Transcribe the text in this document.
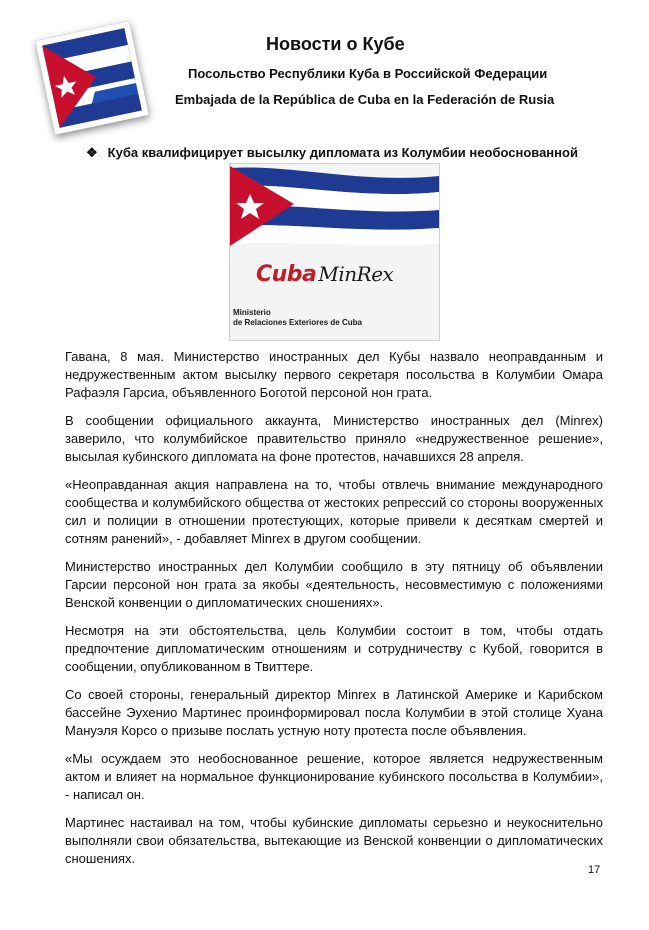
Новости о Кубе
Посольство Республики Куба в Российской Федерации
Embajada de la República de Cuba en la Federación de Rusia
❖ Куба квалифицирует высылку дипломата из Колумбии необоснованной
Cuba MinRex
Ministerio
de Relaciones Exteriores de Cuba

Гавана, 8 мая. Министерство иностранных дел Кубы назвало неоправданным и недружественным актом высылку первого секретаря посольства в Колумбии Омара Рафаэля Гарсиа, объявленного Боготой персоной нон грата.

В сообщении официального аккаунта, Министерство иностранных дел (Minrex) заверило, что колумбийское правительство приняло «недружественное решение», высылая кубинского дипломата на фоне протестов, начавшихся 28 апреля.

«Неоправданная акция направлена на то, чтобы отвлечь внимание международного сообщества и колумбийского общества от жестоких репрессий со стороны вооруженных сил и полиции в отношении протестующих, которые привели к десяткам смертей и сотням ранений», - добавляет Minrex в другом сообщении.

Министерство иностранных дел Колумбии сообщило в эту пятницу об объявлении Гарсии персоной нон грата за якобы «деятельность, несовместимую с положениями Венской конвенции о дипломатических сношениях».

Несмотря на эти обстоятельства, цель Колумбии состоит в том, чтобы отдать предпочтение дипломатическим отношениям и сотрудничеству с Кубой, говорится в сообщении, опубликованном в Твиттере.

Со своей стороны, генеральный директор Minrex в Латинской Америке и Карибском бассейне Эухенио Мартинес проинформировал посла Колумбии в этой столице Хуана Мануэля Корсо о призыве послать устную ноту протеста после объявления.

«Мы осуждаем это необоснованное решение, которое является недружественным актом и влияет на нормальное функционирование кубинского посольства в Колумбии», - написал он.

Мартинес настаивал на том, чтобы кубинские дипломаты серьезно и неукоснительно выполняли свои обязательства, вытекающие из Венской конвенции о дипломатических сношениях.

17
